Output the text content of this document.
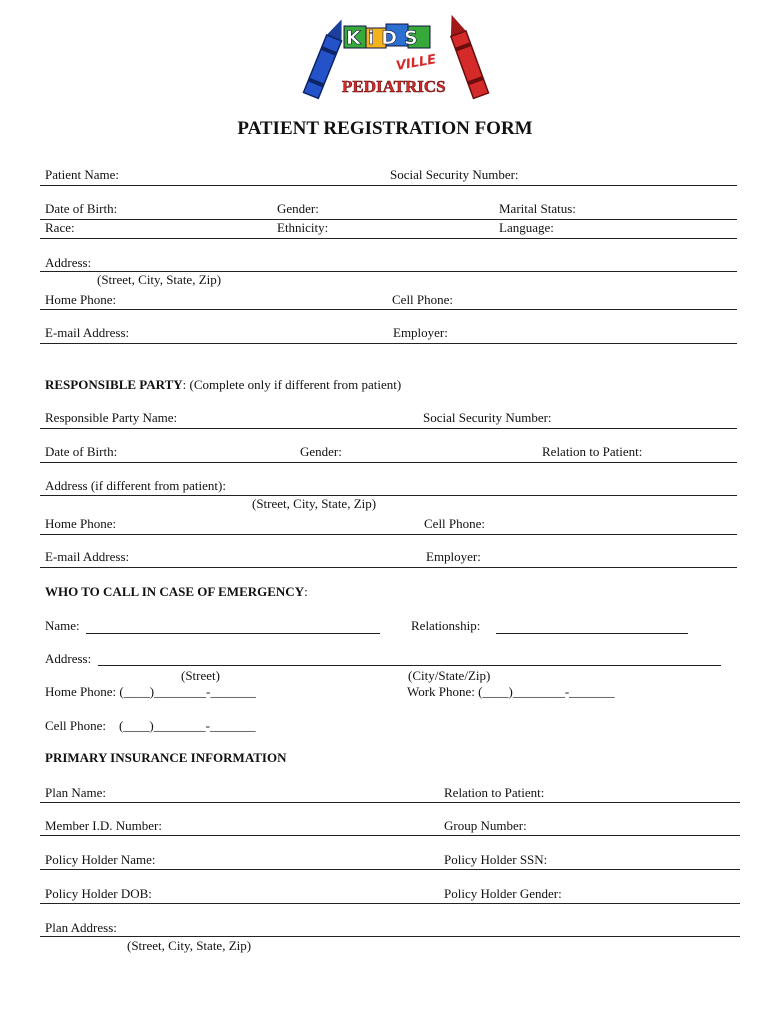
KiDS
VILLE
PEDIATRICS
PATIENT REGISTRATION FORM
Patient Name:	Social Security Number:
Date of Birth:	Gender:	Marital Status:
Race:	Ethnicity:	Language:
Address:
(Street, City, State, Zip)
Home Phone:	Cell Phone:
E-mail Address:	Employer:
RESPONSIBLE PARTY: (Complete only if different from patient)
Responsible Party Name:	Social Security Number:
Date of Birth:	Gender:	Relation to Patient:
Address (if different from patient):
(Street, City, State, Zip)
Home Phone:	Cell Phone:
E-mail Address:	Employer:
WHO TO CALL IN CASE OF EMERGENCY:
Name:	Relationship:
Address:
(Street)	(City/State/Zip)
Home Phone: (____)________-_______	Work Phone: (____)________-_______
Cell Phone:    (____)________-_______
PRIMARY INSURANCE INFORMATION
Plan Name:	Relation to Patient:
Member I.D. Number:	Group Number:
Policy Holder Name:	Policy Holder SSN:
Policy Holder DOB:	Policy Holder Gender:
Plan Address:
(Street, City, State, Zip)
